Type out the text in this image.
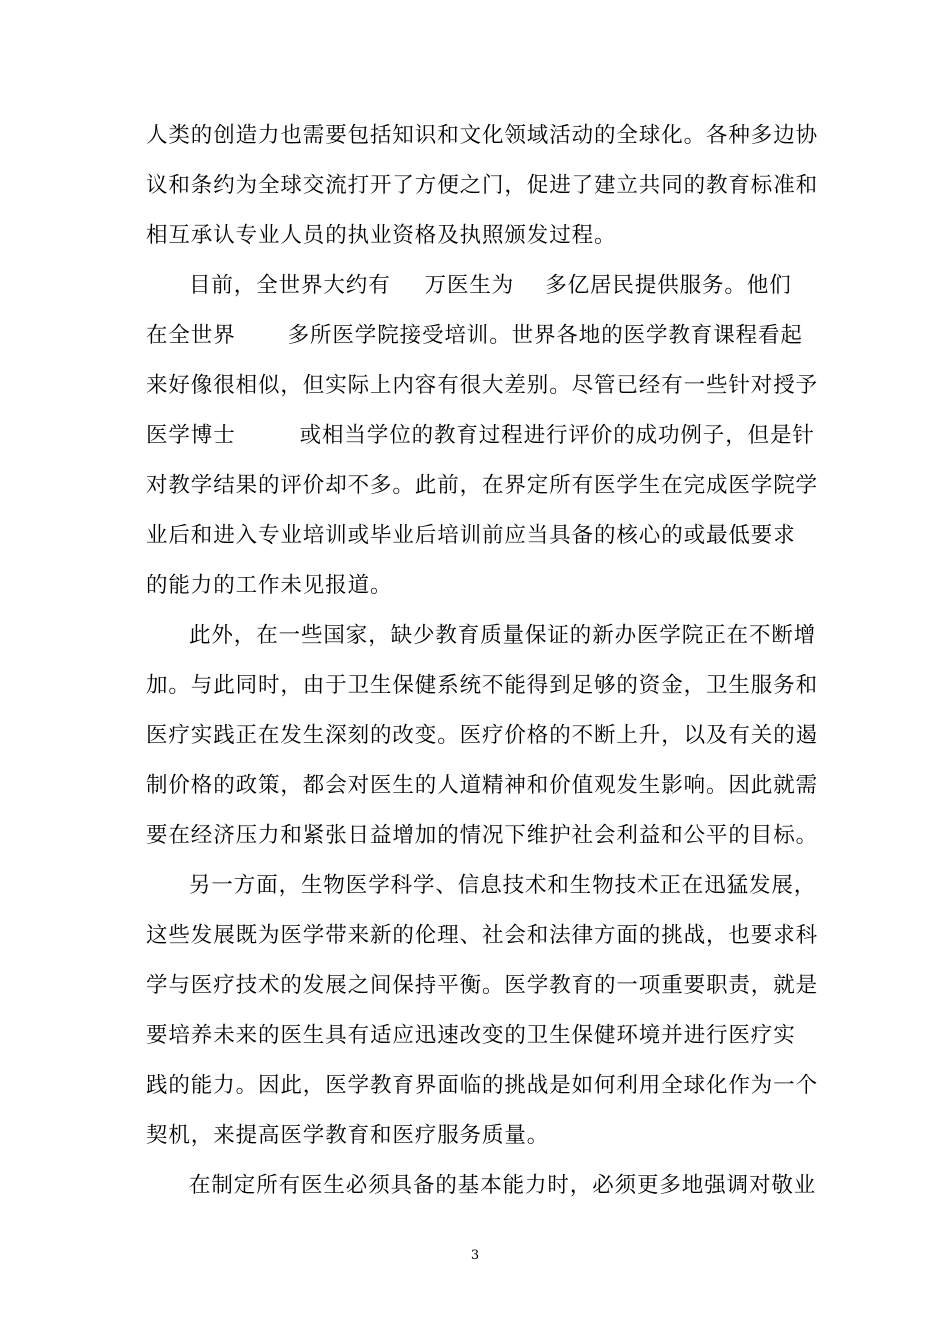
人类的创造力也需要包括知识和文化领域活动的全球化。各种多边协
议和条约为全球交流打开了方便之门，促进了建立共同的教育标准和
相互承认专业人员的执业资格及执照颁发过程。
目前，全世界大约有 万医生为 多亿居民提供服务。他们
在全世界 多所医学院接受培训。世界各地的医学教育课程看起
来好像很相似，但实际上内容有很大差别。尽管已经有一些针对授予
医学博士	或相当学位的教育过程进行评价的成功例子，但是针
对教学结果的评价却不多。此前，在界定所有医学生在完成医学院学
业后和进入专业培训或毕业后培训前应当具备的核心的或最低要求
的能力的工作未见报道。
此外，在一些国家，缺少教育质量保证的新办医学院正在不断增
加。与此同时，由于卫生保健系统不能得到足够的资金，卫生服务和
医疗实践正在发生深刻的改变。医疗价格的不断上升，以及有关的遏
制价格的政策，都会对医生的人道精神和价值观发生影响。因此就需
要在经济压力和紧张日益增加的情况下维护社会利益和公平的目标。
另一方面，生物医学科学、信息技术和生物技术正在迅猛发展，
这些发展既为医学带来新的伦理、社会和法律方面的挑战，也要求科
学与医疗技术的发展之间保持平衡。医学教育的一项重要职责，就是
要培养未来的医生具有适应迅速改变的卫生保健环境并进行医疗实
践的能力。因此，医学教育界面临的挑战是如何利用全球化作为一个
契机，来提高医学教育和医疗服务质量。
在制定所有医生必须具备的基本能力时，必须更多地强调对敬业
3
